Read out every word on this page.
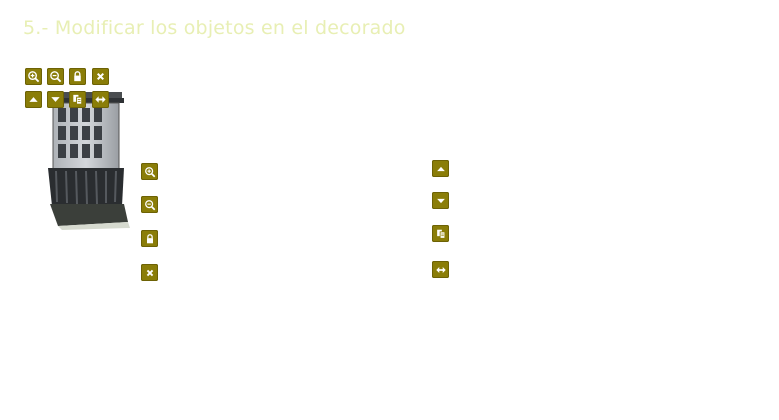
5.- Modificar los objetos en el decorado
